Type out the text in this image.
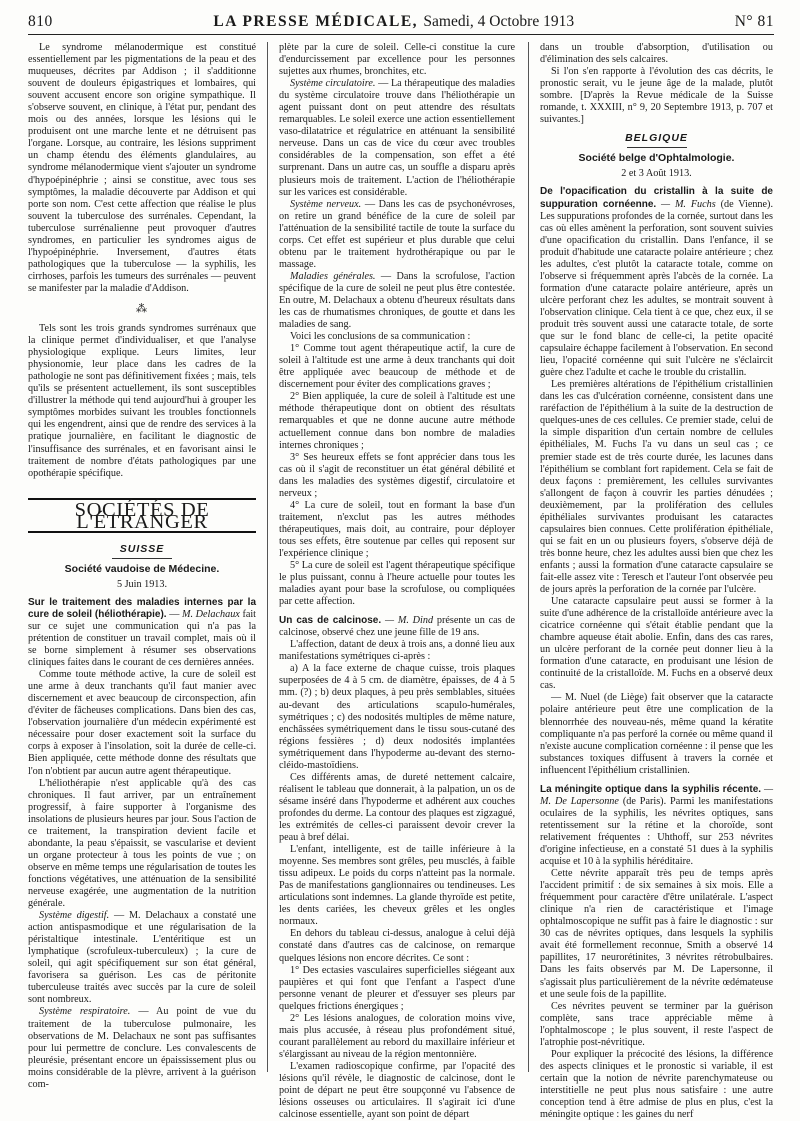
810	LA PRESSE MÉDICALE, Samedi, 4 Octobre 1913	N° 81

Le syndrome mélanodermique est constitué essentiellement par les pigmentations de la peau et des muqueuses, décrites par Addison ; il s'additionne souvent de douleurs épigastriques et lombaires, qui souvent accusent encore son origine sympathique. Il s'observe souvent, en clinique, à l'état pur, pendant des mois ou des années, lorsque les lésions qui le produisent ont une marche lente et ne détruisent pas l'organe. Lorsque, au contraire, les lésions suppriment un champ étendu des éléments glandulaires, au syndrome mélanodermique vient s'ajouter un syndrome d'hypoépinéphrie ; ainsi se constitue, avec tous ses symptômes, la maladie découverte par Addison et qui porte son nom. C'est cette affection que réalise le plus souvent la tuberculose des surrénales. Cependant, la tuberculose surrénalienne peut provoquer d'autres syndromes, en particulier les syndromes aigus de l'hypoépinéphrie. Inversement, d'autres états pathologiques que la tuberculose — la syphilis, les cirrhoses, parfois les tumeurs des surrénales — peuvent se manifester par la maladie d'Addison.

⁂

Tels sont les trois grands syndromes surrénaux que la clinique permet d'individualiser, et que l'analyse physiologique explique. Leurs limites, leur physionomie, leur place dans les cadres de la pathologie ne sont pas définitivement fixées ; mais, tels qu'ils se présentent actuellement, ils sont susceptibles d'illustrer la méthode qui tend aujourd'hui à grouper les symptômes morbides suivant les troubles fonctionnels qui les engendrent, ainsi que de rendre des services à la pratique journalière, en facilitant le diagnostic de l'insuffisance des surrénales, et en favorisant ainsi le traitement de nombre d'états pathologiques par une opothérapie spécifique.

SOCIÉTÉS DE L'ÉTRANGER
SUISSE
Société vaudoise de Médecine.
5 Juin 1913.

Sur le traitement des maladies internes par la cure de soleil (héliothérapie). — M. Delachaux fait sur ce sujet une communication qui n'a pas la prétention de constituer un travail complet, mais où il se borne simplement à résumer ses observations cliniques faites dans le courant de ces dernières années.

Comme toute méthode active, la cure de soleil est une arme à deux tranchants qu'il faut manier avec discernement et avec beaucoup de circonspection, afin d'éviter de fâcheuses complications. Dans bien des cas, l'observation journalière d'un médecin expérimenté est nécessaire pour doser exactement soit la surface du corps à exposer à l'insolation, soit la durée de celle-ci. Bien appliquée, cette méthode donne des résultats que l'on n'obtient par aucun autre agent thérapeutique.

L'héliothérapie n'est applicable qu'à des cas chroniques. Il faut arriver, par un entraînement progressif, à faire supporter à l'organisme des insolations de plusieurs heures par jour. Sous l'action de ce traitement, la transpiration devient facile et abondante, la peau s'épaissit, se vascularise et devient un organe protecteur à tous les points de vue ; on observe en même temps une régularisation de toutes les fonctions végétatives, une atténuation de la sensibilité nerveuse exagérée, une augmentation de la nutrition générale.

Système digestif. — M. Delachaux a constaté une action antispasmodique et une régularisation de la péristaltique intestinale. L'entéritique est un lymphatique (scrofuleux-tuberculeux) ; la cure de soleil, qui agit spécifiquement sur son état général, favorisera sa guérison. Les cas de péritonite tuberculeuse traités avec succès par la cure de soleil sont nombreux.

Système respiratoire. — Au point de vue du traitement de la tuberculose pulmonaire, les observations de M. Delachaux ne sont pas suffisantes pour lui permettre de conclure. Les convalescents de pleurésie, présentant encore un épaississement plus ou moins considérable de la plèvre, arrivent à la guérison com-

plète par la cure de soleil. Celle-ci constitue la cure d'endurcissement par excellence pour les personnes sujettes aux rhumes, bronchites, etc.

Système circulatoire. — La thérapeutique des maladies du système circulatoire trouve dans l'héliothérapie un agent puissant dont on peut attendre des résultats remarquables. Le soleil exerce une action essentiellement vaso-dilatatrice et régulatrice en atténuant la sensibilité nerveuse. Dans un cas de vice du cœur avec troubles considérables de la compensation, son effet a été surprenant. Dans un autre cas, un souffle a disparu après plusieurs mois de traitement. L'action de l'héliothérapie sur les varices est considérable.

Système nerveux. — Dans les cas de psychonévroses, on retire un grand bénéfice de la cure de soleil par l'atténuation de la sensibilité tactile de toute la surface du corps. Cet effet est supérieur et plus durable que celui obtenu par le traitement hydrothérapique ou par le massage.

Maladies générales. — Dans la scrofulose, l'action spécifique de la cure de soleil ne peut plus être contestée. En outre, M. Delachaux a obtenu d'heureux résultats dans les cas de rhumatismes chroniques, de goutte et dans les maladies de sang.

Voici les conclusions de sa communication :

1° Comme tout agent thérapeutique actif, la cure de soleil à l'altitude est une arme à deux tranchants qui doit être appliquée avec beaucoup de méthode et de discernement pour éviter des complications graves ;

2° Bien appliquée, la cure de soleil à l'altitude est une méthode thérapeutique dont on obtient des résultats remarquables et que ne donne aucune autre méthode actuellement connue dans bon nombre de maladies internes chroniques ;

3° Ses heureux effets se font apprécier dans tous les cas où il s'agit de reconstituer un état général débilité et dans les maladies des systèmes digestif, circulatoire et nerveux ;

4° La cure de soleil, tout en formant la base d'un traitement, n'exclut pas les autres méthodes thérapeutiques, mais doit, au contraire, pour déployer tous ses effets, être soutenue par celles qui reposent sur l'expérience clinique ;

5° La cure de soleil est l'agent thérapeutique spécifique le plus puissant, connu à l'heure actuelle pour toutes les maladies ayant pour base la scrofulose, ou compliquées par cette affection.

Un cas de calcinose. — M. Dind présente un cas de calcinose, observé chez une jeune fille de 19 ans.

L'affection, datant de deux à trois ans, a donné lieu aux manifestations symétriques ci-après :

a) A la face externe de chaque cuisse, trois plaques superposées de 4 à 5 cm. de diamètre, épaisses, de 4 à 5 mm. (?) ; b) deux plaques, à peu près semblables, situées au-devant des articulations scapulo-humérales, symétriques ; c) des nodosités multiples de même nature, enchâssées symétriquement dans le tissu sous-cutané des régions fessières ; d) deux nodosités implantées symétriquement dans l'hypoderme au-devant des sterno-cléido-mastoïdiens.

Ces différents amas, de dureté nettement calcaire, réalisent le tableau que donnerait, à la palpation, un os de sésame inséré dans l'hypoderme et adhérent aux couches profondes du derme. La contour des plaques est zigzagué, les extrémités de celles-ci paraissent devoir crever la peau à bref délai.

L'enfant, intelligente, est de taille inférieure à la moyenne. Ses membres sont grêles, peu musclés, à faible tissu adipeux. Le poids du corps n'atteint pas la normale. Pas de manifestations ganglionnaires ou tendineuses. Les articulations sont indemnes. La glande thyroïde est petite, les dents cariées, les cheveux grêles et les ongles normaux.

En dehors du tableau ci-dessus, analogue à celui déjà constaté dans d'autres cas de calcinose, on remarque quelques lésions non encore décrites. Ce sont :

1° Des ectasies vasculaires superficielles siégeant aux paupières et qui font que l'enfant a l'aspect d'une personne venant de pleurer et d'essuyer ses pleurs par quelques frictions énergiques ;

2° Les lésions analogues, de coloration moins vive, mais plus accusée, à réseau plus profondément situé, courant parallèlement au rebord du maxillaire inférieur et s'élargissant au niveau de la région mentonnière.

L'examen radioscopique confirme, par l'opacité des lésions qu'il révèle, le diagnostic de calcinose, dont le point de départ ne peut être soupçonné vu l'absence de lésions osseuses ou articulaires. Il s'agirait ici d'une calcinose essentielle, ayant son point de départ

dans un trouble d'absorption, d'utilisation ou d'élimination des sels calcaires.

Si l'on s'en rapporte à l'évolution des cas décrits, le pronostic serait, vu le jeune âge de la malade, plutôt sombre. [D'après la Revue médicale de la Suisse romande, t. XXXIII, n° 9, 20 Septembre 1913, p. 707 et suivantes.]

BELGIQUE
Société belge d'Ophtalmologie.
2 et 3 Août 1913.

De l'opacification du cristallin à la suite de suppuration cornéenne. — M. Fuchs (de Vienne). Les suppurations profondes de la cornée, surtout dans les cas où elles amènent la perforation, sont souvent suivies d'une opacification du cristallin. Dans l'enfance, il se produit d'habitude une cataracte polaire antérieure ; chez les adultes, c'est plutôt la cataracte totale, comme on l'observe si fréquemment après l'abcès de la cornée. La formation d'une cataracte polaire antérieure, après un ulcère perforant chez les adultes, se montrait souvent à l'observation clinique. Cela tient à ce que, chez eux, il se produit très souvent aussi une cataracte totale, de sorte que sur le fond blanc de celle-ci, la petite opacité capsulaire échappe facilement à l'observation. En second lieu, l'opacité cornéenne qui suit l'ulcère ne s'éclaircit guère chez l'adulte et cache le trouble du cristallin.

Les premières altérations de l'épithélium cristallinien dans les cas d'ulcération cornéenne, consistent dans une raréfaction de l'épithélium à la suite de la destruction de quelques-unes de ces cellules. Ce premier stade, celui de la simple disparition d'un certain nombre de cellules épithéliales, M. Fuchs l'a vu dans un seul cas ; ce premier stade est de très courte durée, les lacunes dans l'épithélium se comblant fort rapidement. Cela se fait de deux façons : premièrement, les cellules survivantes s'allongent de façon à couvrir les parties dénudées ; deuxièmement, par la prolifération des cellules épithéliales survivantes produisant les cataractes capsulaires bien connues. Cette prolifération épithéliale, qui se fait en un ou plusieurs foyers, s'observe déjà de très bonne heure, chez les adultes aussi bien que chez les enfants ; aussi la formation d'une cataracte capsulaire se fait-elle assez vite : Teresch et l'auteur l'ont observée peu de jours après la perforation de la cornée par l'ulcère.

Une cataracte capsulaire peut aussi se former à la suite d'une adhérence de la cristalloïde antérieure avec la cicatrice cornéenne qui s'était établie pendant que la chambre aqueuse était abolie. Enfin, dans des cas rares, un ulcère perforant de la cornée peut donner lieu à la formation d'une cataracte, en produisant une lésion de continuité de la cristalloïde. M. Fuchs en a observé deux cas.

— M. Nuel (de Liège) fait observer que la cataracte polaire antérieure peut être une complication de la blennorrhée des nouveau-nés, même quand la kératite compliquante n'a pas perforé la cornée ou même quand il n'existe aucune complication cornéenne : il pense que les substances toxiques diffusent à travers la cornée et influencent l'épithélium cristallinien.

La méningite optique dans la syphilis récente. — M. De Lapersonne (de Paris). Parmi les manifestations oculaires de la syphilis, les névrites optiques, sans retentissement sur la rétine et la choroïde, sont relativement fréquentes : Uhthoff, sur 253 névrites d'origine infectieuse, en a constaté 51 dues à la syphilis acquise et 10 à la syphilis héréditaire.

Cette névrite apparaît très peu de temps après l'accident primitif : de six semaines à six mois. Elle a fréquemment pour caractère d'être unilatérale. L'aspect clinique n'a rien de caractéristique et l'image ophtalmoscopique ne suffit pas à faire le diagnostic : sur 30 cas de névrites optiques, dans lesquels la syphilis avait été formellement reconnue, Smith a observé 14 papillites, 17 neurorétinites, 3 névrites rétrobulbaires. Dans les faits observés par M. De Lapersonne, il s'agissait plus particulièrement de la névrite œdémateuse et une seule fois de la papillite.

Ces névrites peuvent se terminer par la guérison complète, sans trace appréciable même à l'ophtalmoscope ; le plus souvent, il reste l'aspect de l'atrophie post-névritique.

Pour expliquer la précocité des lésions, la différence des aspects cliniques et le pronostic si variable, il est certain que la notion de névrite parenchymateuse ou interstitielle ne peut plus nous satisfaire : une autre conception tend à être admise de plus en plus, c'est la méningite optique : les gaines du nerf
